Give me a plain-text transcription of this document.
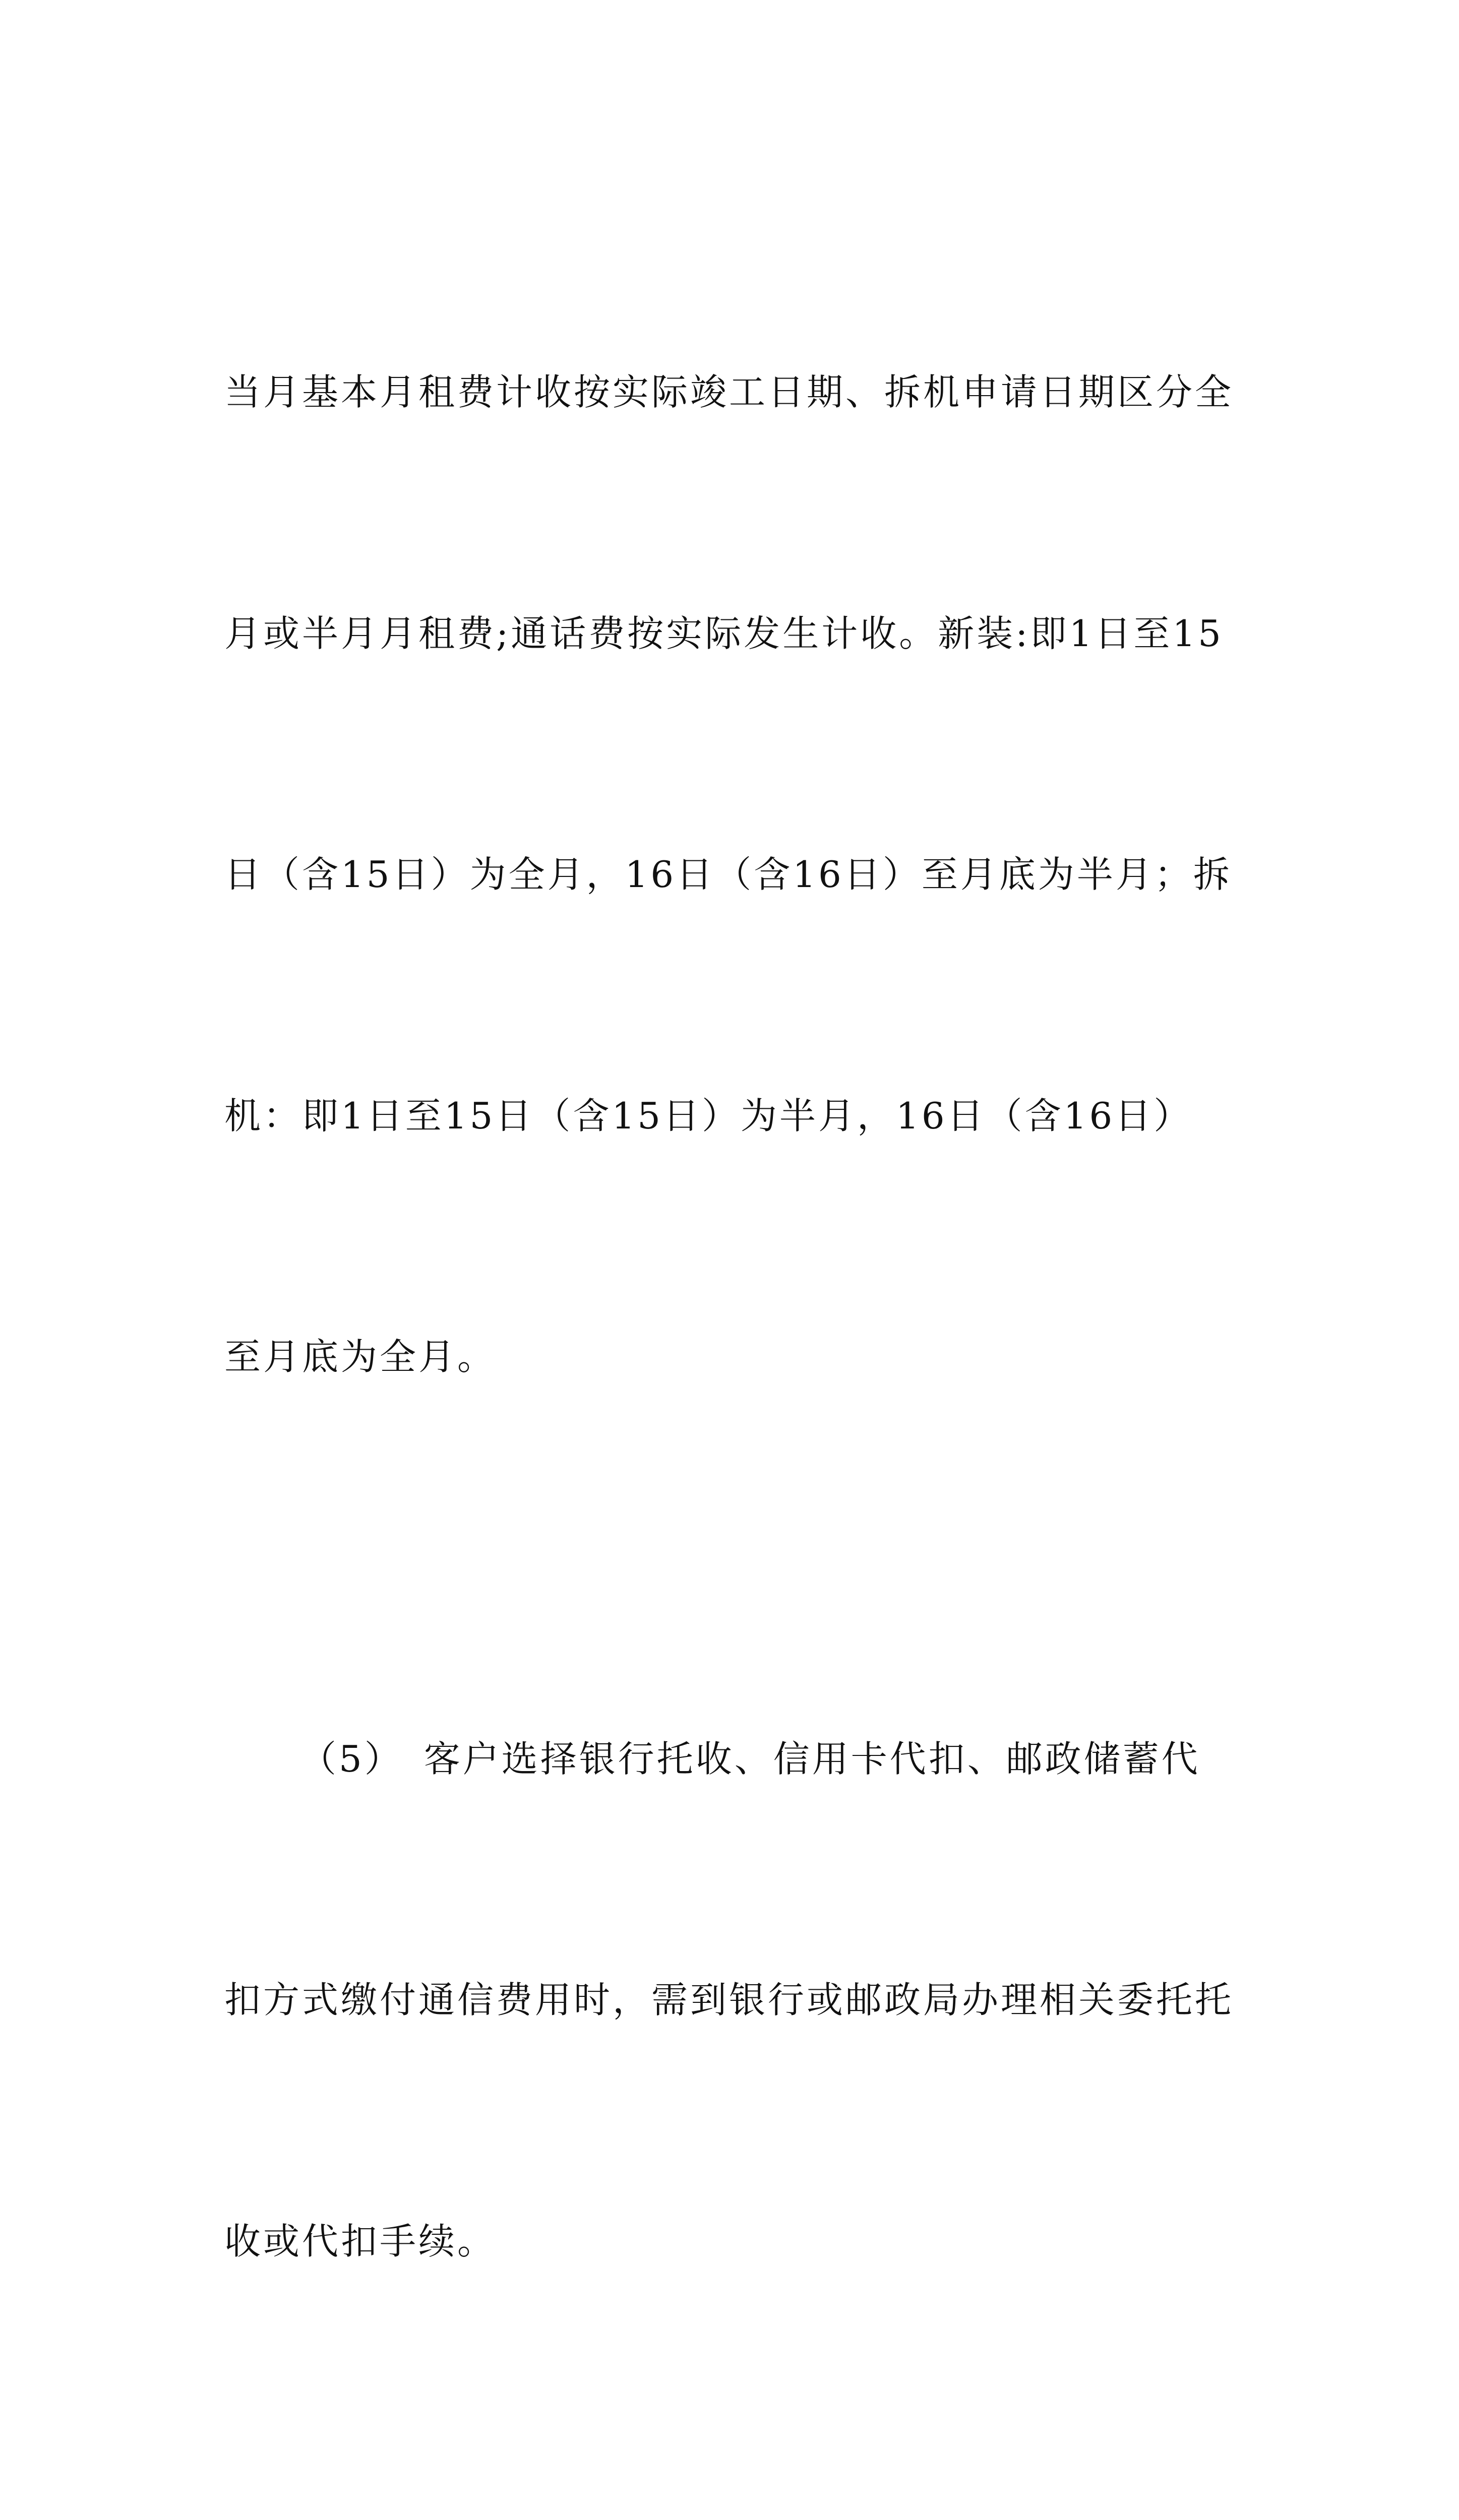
当月基本月租费计收按实际竣工日期、拆机申请日期区分全

月或半月月租费;通话费按实际发生计收。新装:即1日至15

日（含15日）为全月，16日（含16日）至月底为半月；拆

机：即1日至15日（含15日）为半月，16日（含16日）

至月底为全月。

（5）　客户选择银行托收、信用卡代扣、邮政储蓄代

扣方式缴付通信费用时，需到银行或邮政局办理相关委托托

收或代扣手续。
